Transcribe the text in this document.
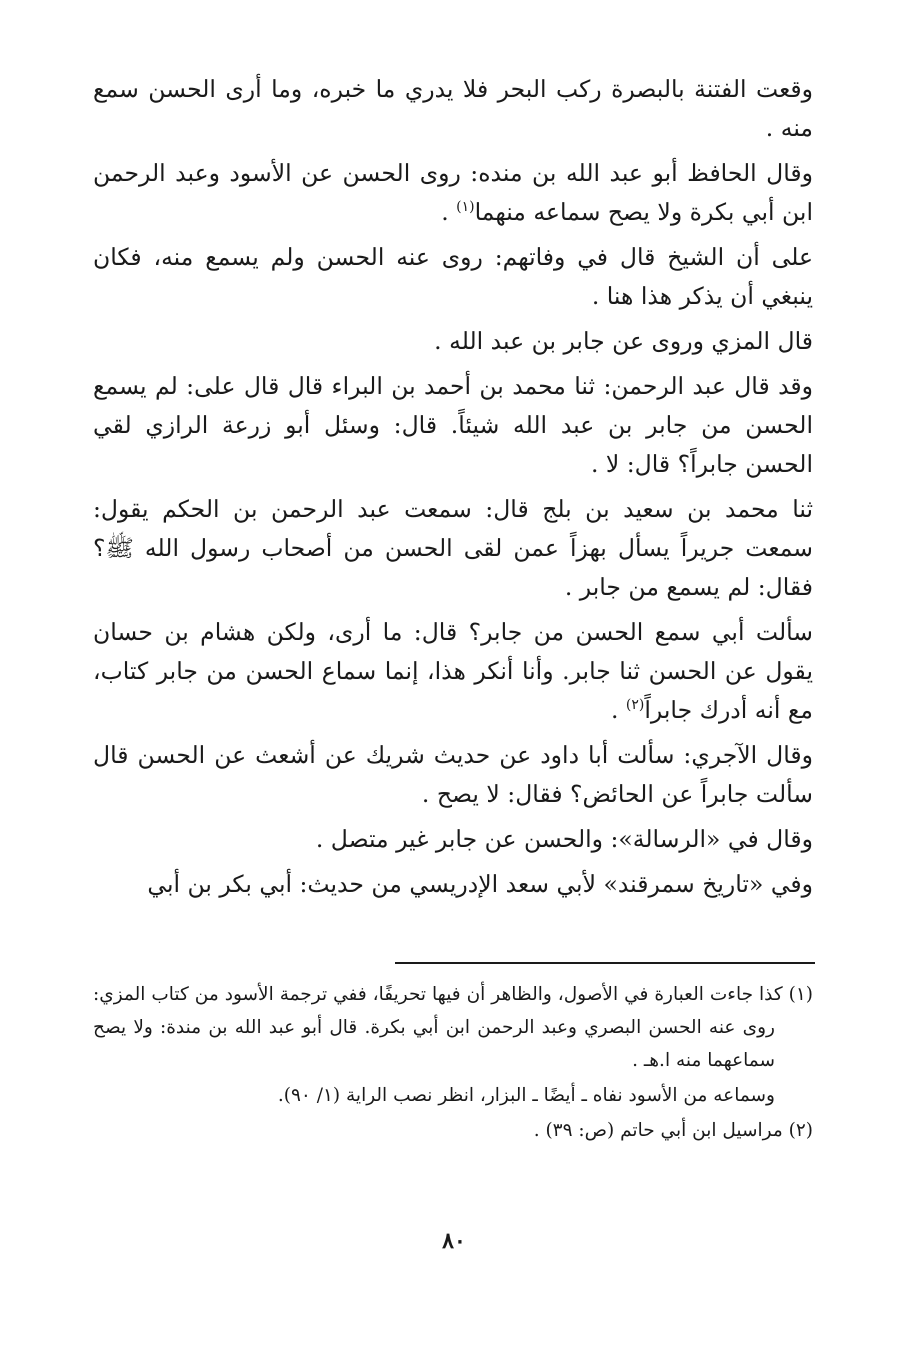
وقعت الفتنة بالبصرة ركب البحر فلا يدري ما خبره، وما أرى الحسن سمع منه .

وقال الحافظ أبو عبد الله بن منده: روى الحسن عن الأسود وعبد الرحمن ابن أبي بكرة ولا يصح سماعه منهما$^{(١)}$ .

على أن الشيخ قال في وفاتهم: روى عنه الحسن ولم يسمع منه، فكان ينبغي أن يذكر هذا هنا .

قال المزي وروى عن جابر بن عبد الله .

وقد قال عبد الرحمن: ثنا محمد بن أحمد بن البراء قال قال على: لم يسمع الحسن من جابر بن عبد الله شيئاً. قال: وسئل أبو زرعة الرازي لقي الحسن جابراً؟ قال: لا .

ثنا محمد بن سعيد بن بلج قال: سمعت عبد الرحمن بن الحكم يقول: سمعت جريراً يسأل بهزاً عمن لقى الحسن من أصحاب رسول الله ﷺ؟ فقال: لم يسمع من جابر .

سألت أبي سمع الحسن من جابر؟ قال: ما أرى، ولكن هشام بن حسان يقول عن الحسن ثنا جابر. وأنا أنكر هذا، إنما سماع الحسن من جابر كتاب، مع أنه أدرك جابراً$^{(٢)}$ .

وقال الآجري: سألت أبا داود عن حديث شريك عن أشعث عن الحسن قال سألت جابراً عن الحائض؟ فقال: لا يصح .

وقال في «الرسالة»: والحسن عن جابر غير متصل .

وفي «تاريخ سمرقند» لأبي سعد الإدريسي من حديث: أبي بكر بن أبي

(١) كذا جاءت العبارة في الأصول، والظاهر أن فيها تحريفًا، ففي ترجمة الأسود من كتاب المزي: روى عنه الحسن البصري وعبد الرحمن ابن أبي بكرة. قال أبو عبد الله بن مندة: ولا يصح سماعهما منه ا.هـ .

وسماعه من الأسود نفاه ـ أيضًا ـ البزار، انظر نصب الراية (١/ ٩٠).

(٢) مراسيل ابن أبي حاتم (ص: ٣٩) .

٨٠
